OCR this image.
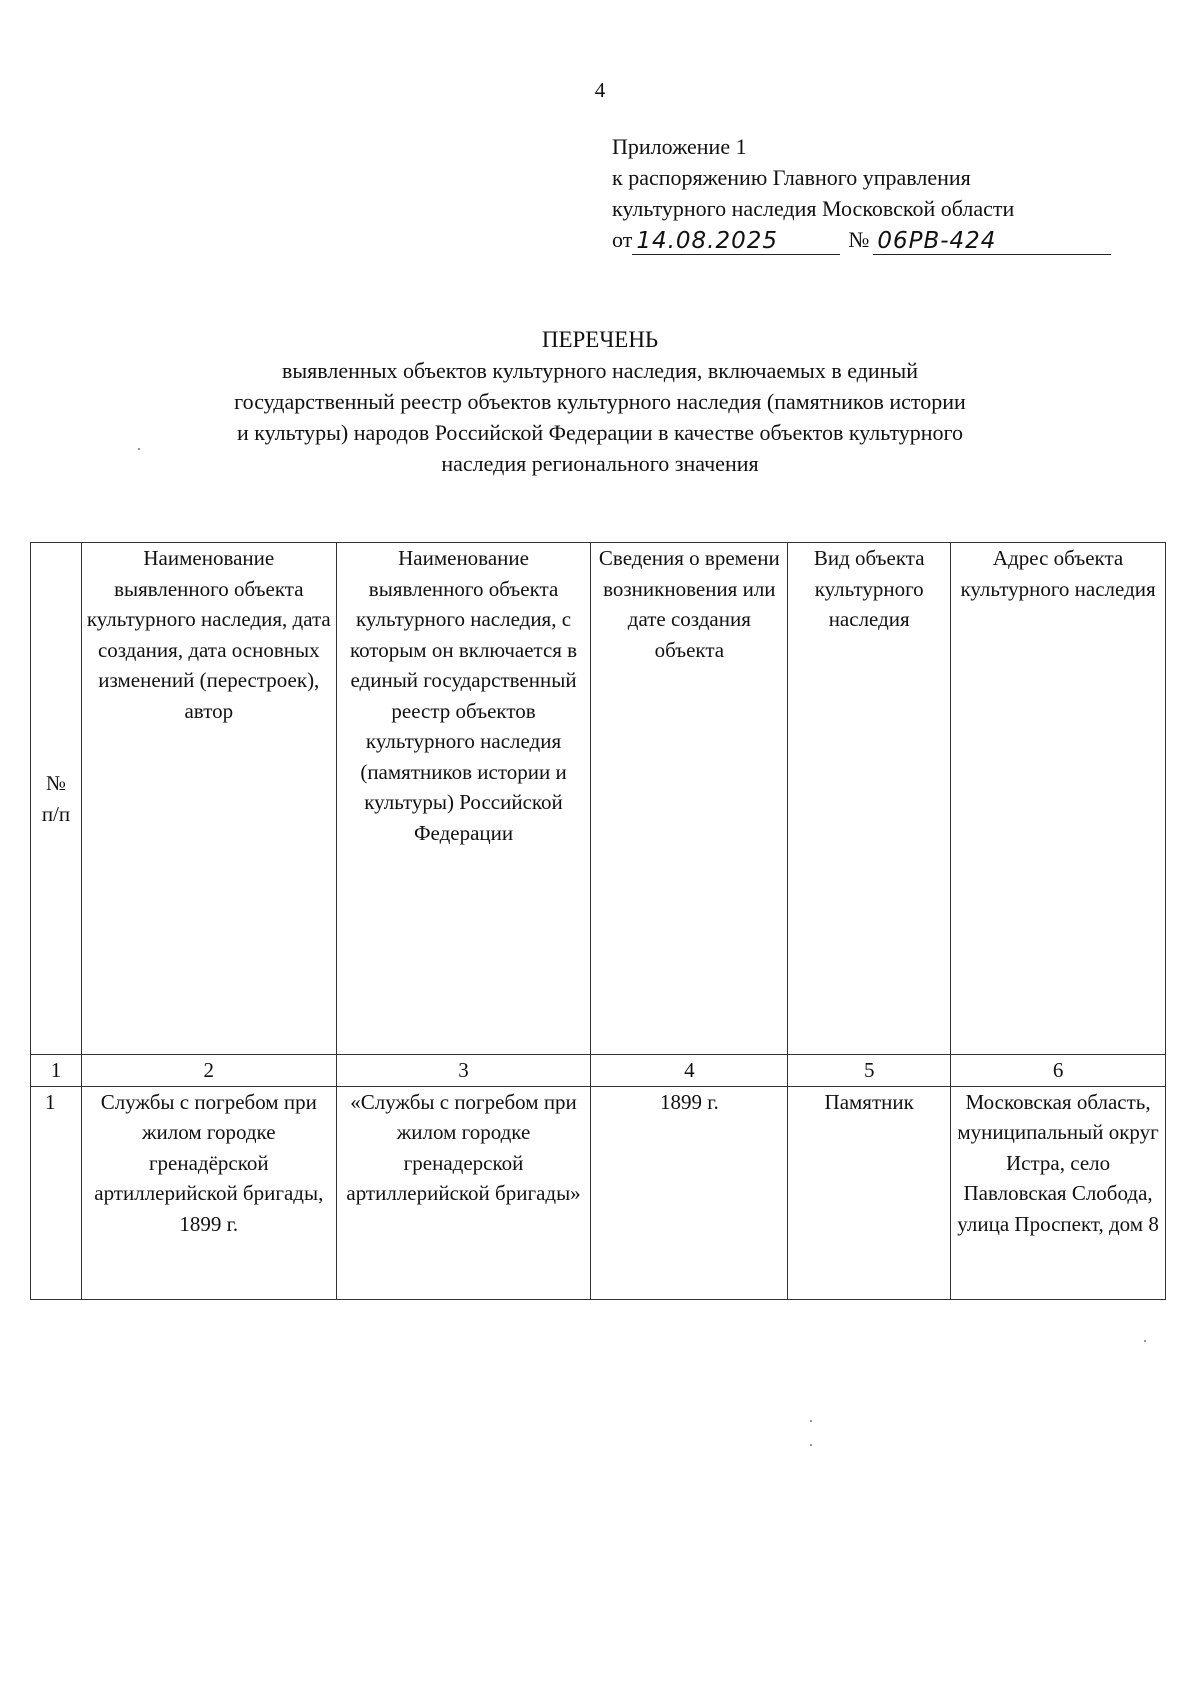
4
Приложение 1
к распоряжению Главного управления
культурного наследия Московской области
от 14.08.2025	№ 06РВ-424
ПЕРЕЧЕНЬ
выявленных объектов культурного наследия, включаемых в единый
государственный реестр объектов культурного наследия (памятников истории
и культуры) народов Российской Федерации в качестве объектов культурного
наследия регионального значения
№ п/п	Наименование выявленного объекта культурного наследия, дата создания, дата основных изменений (перестроек), автор	Наименование выявленного объекта культурного наследия, с которым он включается в единый государственный реестр объектов культурного наследия (памятников истории и культуры) Российской Федерации	Сведения о времени возникновения или дате создания объекта	Вид объекта культурного наследия	Адрес объекта культурного наследия
1	2	3	4	5	6
1	Службы с погребом при жилом городке гренадёрской артиллерийской бригады, 1899 г.	«Службы с погребом при жилом городке гренадерской артиллерийской бригады»	1899 г.	Памятник	Московская область, муниципальный округ Истра, село Павловская Слобода, улица Проспект, дом 8
